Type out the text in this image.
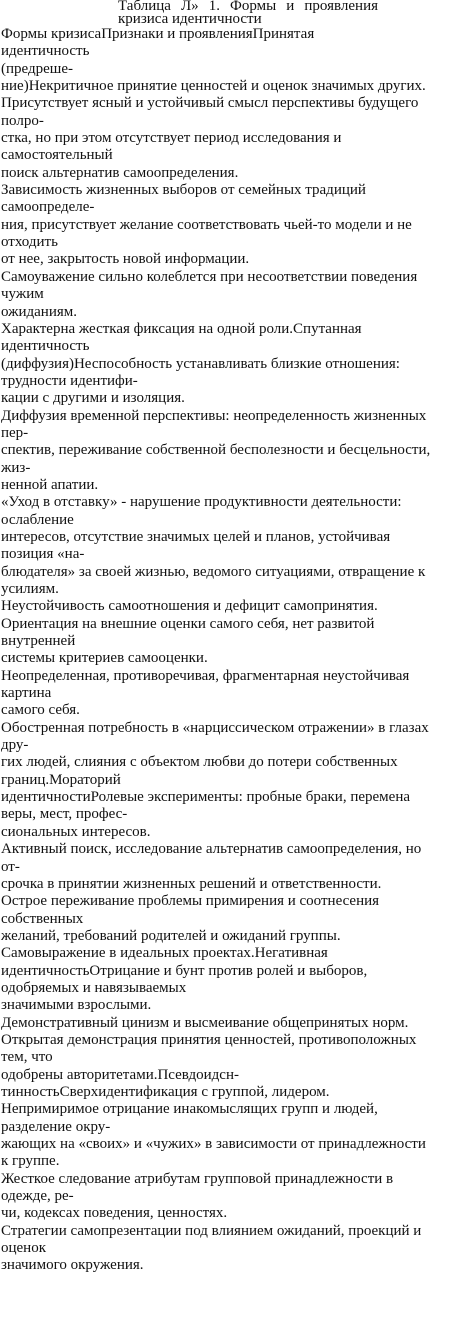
Таблица Л» 1. Формы и проявления
кризиса идентичности
Формы кризисаПризнаки и проявленияПринятая
идентичность
(предреше-
ние)Некритичное принятие ценностей и оценок значимых других.
Присутствует ясный и устойчивый смысл перспективы будущего
полро-
стка, но при этом отсутствует период исследования и
самостоятельный
поиск альтернатив самоопределения.
Зависимость жизненных выборов от семейных традиций
самоопределе-
ния, присутствует желание соответствовать чьей-то модели и не
отходить
от нее, закрытость новой информации.
Самоуважение сильно колеблется при несоответствии поведения
чужим
ожиданиям.
Характерна жесткая фиксация на одной роли.Спутанная
идентичность
(диффузия)Неспособность устанавливать близкие отношения:
трудности идентифи-
кации с другими и изоляция.
Диффузия временной перспективы: неопределенность жизненных
пер-
спектив, переживание собственной бесполезности и бесцельности,
жиз-
ненной апатии.
«Уход в отставку» - нарушение продуктивности деятельности:
ослабление
интересов, отсутствие значимых целей и планов, устойчивая
позиция «на-
блюдателя» за своей жизнью, ведомого ситуациями, отвращение к
усилиям.
Неустойчивость самоотношения и дефицит самопринятия.
Ориентация на внешние оценки самого себя, нет развитой
внутренней
системы критериев самооценки.
Неопределенная, противоречивая, фрагментарная неустойчивая
картина
самого себя.
Обостренная потребность в «нарциссическом отражении» в глазах
дру-
гих людей, слияния с объектом любви до потери собственных
границ.Мораторий
идентичностиРолевые эксперименты: пробные браки, перемена
веры, мест, профес-
сиональных интересов.
Активный поиск, исследование альтернатив самоопределения, но
от-
срочка в принятии жизненных решений и ответственности.
Острое переживание проблемы примирения и соотнесения
собственных
желаний, требований родителей и ожиданий группы.
Самовыражение в идеальных проектах.Негативная
идентичностьОтрицание и бунт против ролей и выборов,
одобряемых и навязываемых
значимыми взрослыми.
Демонстративный цинизм и высмеивание общепринятых норм.
Открытая демонстрация принятия ценностей, противоположных
тем, что
одобрены авторитетами.Псевдоидсн-
тинностьСверхидентификация с группой, лидером.
Непримиримое отрицание инакомыслящих групп и людей,
разделение окру-
жающих на «своих» и «чужих» в зависимости от принадлежности
к группе.
Жесткое следование атрибутам групповой принадлежности в
одежде, ре-
чи, кодексах поведения, ценностях.
Стратегии самопрезентации под влиянием ожиданий, проекций и
оценок
значимого окружения.
